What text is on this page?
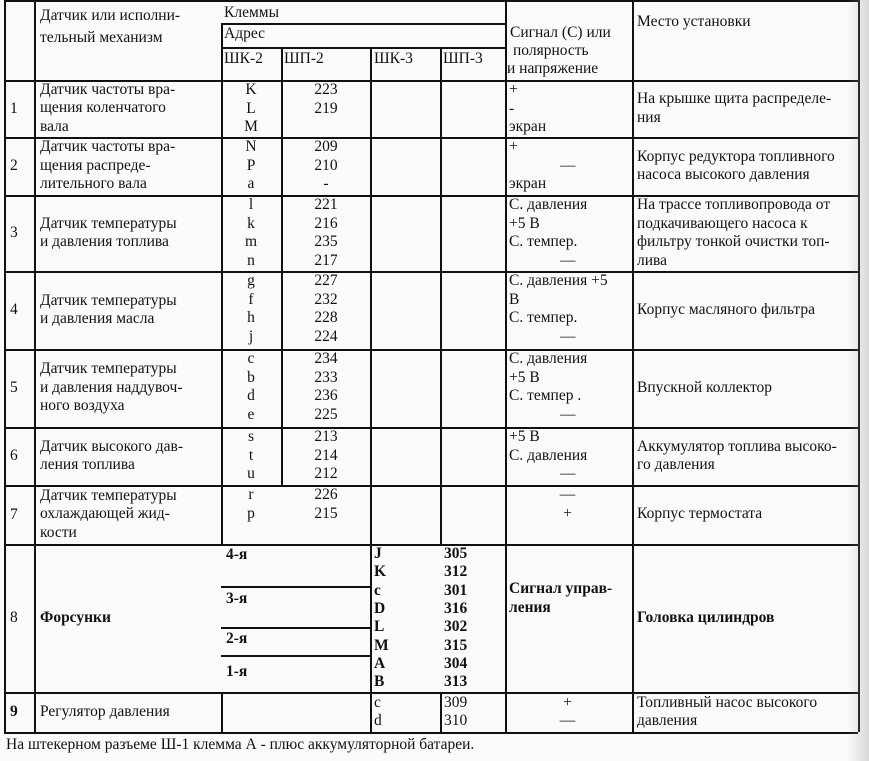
Датчик или исполни-
тельный механизм
Клеммы
Адрес
ШК-2 ШП-2	ШК-3 ШП-3
Сигнал (С) или
полярность
и напряжение
Место установки
1
Датчик частоты вра-
щения коленчатого
вала
K
L
M
223
219
+
-
экран
На крышке щита распределе-
ния
2
Датчик частоты вра-
щения распреде-
лительного вала
N
P
a
209
210
-
+
—
экран
Корпус редуктора топливного
насоса высокого давления
3
Датчик температуры
и давления топлива
l
k
m
n
221
216
235
217
С. давления
+5 В
С. темпер.
—
На трассе топливопровода от
подкачивающего насоса к
фильтру тонкой очистки топ-
лива
4
Датчик температуры
и давления масла
g
f
h
j
227
232
228
224
С. давления +5
В
С. темпер.
—
Корпус масляного фильтра
5
Датчик температуры
и давления наддувоч-
ного воздуха
c
b
d
e
234
233
236
225
С. давления
+5 В
С. темпер .
—
Впускной коллектор
6
Датчик высокого дав-
ления топлива
s
t
u
213
214
212
+5 В
С. давления
—
Аккумулятор топлива высоко-
го давления
7
Датчик температуры
охлаждающей жид-
кости
r
p
226
215
—
+	Корпус термостата
8 Форсунки
4-я
3-я
2-я
1-я
J
K
c
D
L
M
A
B
305
312
301
316
302
315
304
313
Сигнал управ-
ления
Головка цилиндров
9 Регулятор давления
c
d
309
310
+
—
Топливный насос высокого
давления
На штекерном разъеме Ш-1 клемма А - плюс аккумуляторной батареи.
